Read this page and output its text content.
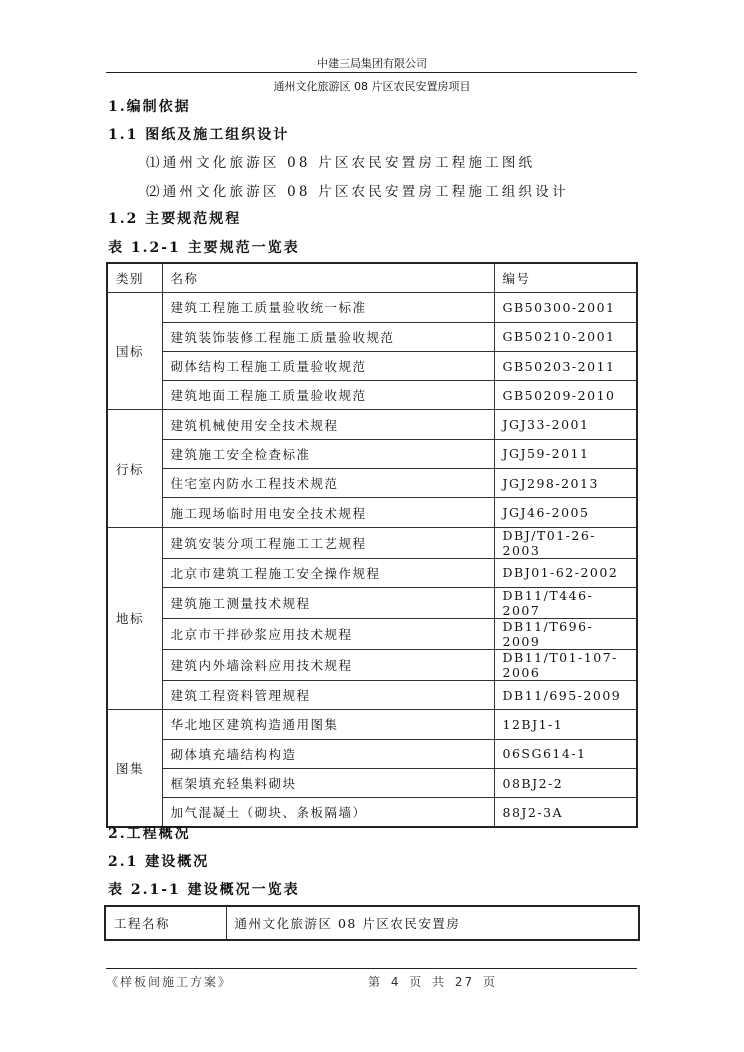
中建三局集团有限公司
通州文化旅游区 08 片区农民安置房项目
1.编制依据
1.1 图纸及施工组织设计
⑴通州文化旅游区 08 片区农民安置房工程施工图纸
⑵通州文化旅游区 08 片区农民安置房工程施工组织设计
1.2 主要规范规程
表 1.2-1 主要规范一览表
类别	名称	编号
国标	建筑工程施工质量验收统一标准	GB50300-2001
	建筑装饰装修工程施工质量验收规范	GB50210-2001
	砌体结构工程施工质量验收规范	GB50203-2011
	建筑地面工程施工质量验收规范	GB50209-2010
行标	建筑机械使用安全技术规程	JGJ33-2001
	建筑施工安全检查标准	JGJ59-2011
	住宅室内防水工程技术规范	JGJ298-2013
	施工现场临时用电安全技术规程	JGJ46-2005
地标	建筑安装分项工程施工工艺规程	DBJ/T01-26-2003
	北京市建筑工程施工安全操作规程	DBJ01-62-2002
	建筑施工测量技术规程	DB11/T446-2007
	北京市干拌砂浆应用技术规程	DB11/T696-2009
	建筑内外墙涂料应用技术规程	DB11/T01-107-2006
	建筑工程资料管理规程	DB11/695-2009
图集	华北地区建筑构造通用图集	12BJ1-1
	砌体填充墙结构构造	06SG614-1
	框架填充轻集料砌块	08BJ2-2
	加气混凝土（砌块、条板隔墙）	88J2-3A
2.工程概况
2.1 建设概况
表 2.1-1 建设概况一览表
工程名称	通州文化旅游区 08 片区农民安置房
《样板间施工方案》	第 4 页 共 27 页
